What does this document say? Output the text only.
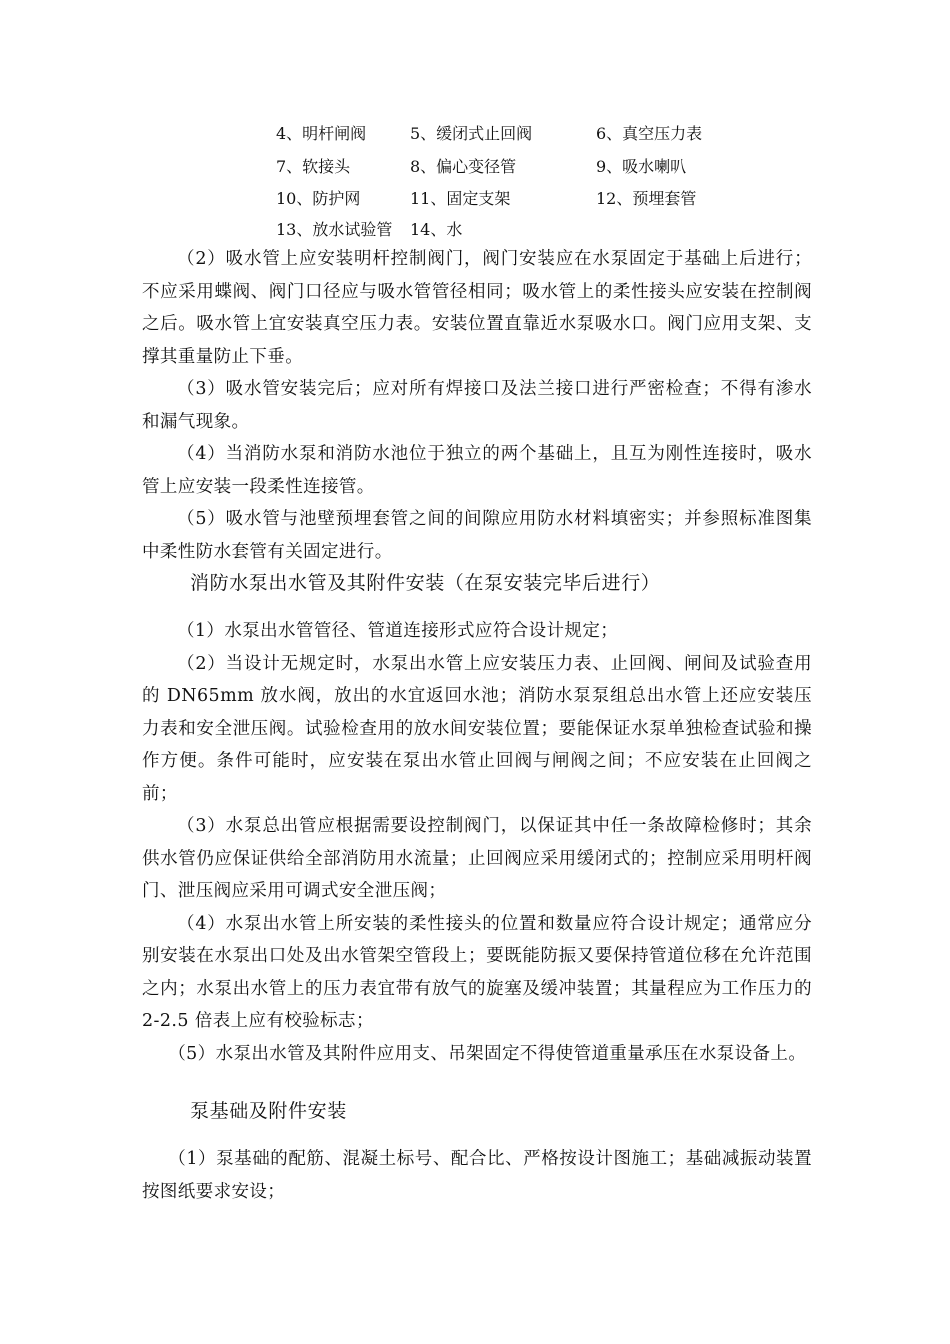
4、明杆闸阀	5、缓闭式止回阀	6、真空压力表
7、软接头	8、偏心变径管	9、吸水喇叭
10、防护网	11、固定支架	12、预埋套管
13、放水试验管 14、水

（2）吸水管上应安装明杆控制阀门，阀门安装应在水泵固定于基础上后进行；不应采用蝶阀、阀门口径应与吸水管管径相同；吸水管上的柔性接头应安装在控制阀之后。吸水管上宜安装真空压力表。安装位置直靠近水泵吸水口。阀门应用支架、支撑其重量防止下垂。

（3）吸水管安装完后；应对所有焊接口及法兰接口进行严密检查；不得有渗水和漏气现象。

（4）当消防水泵和消防水池位于独立的两个基础上，且互为刚性连接时，吸水管上应安装一段柔性连接管。

（5）吸水管与池壁预埋套管之间的间隙应用防水材料填密实；并参照标准图集中柔性防水套管有关固定进行。

消防水泵出水管及其附件安装（在泵安装完毕后进行）

（1）水泵出水管管径、管道连接形式应符合设计规定；

（2）当设计无规定时，水泵出水管上应安装压力表、止回阀、闸间及试验查用的 DN65mm 放水阀，放出的水宜返回水池；消防水泵泵组总出水管上还应安装压力表和安全泄压阀。试验检查用的放水间安装位置；要能保证水泵单独检查试验和操作方便。条件可能时，应安装在泵出水管止回阀与闸阀之间；不应安装在止回阀之前；

（3）水泵总出管应根据需要设控制阀门，以保证其中任一条故障检修时；其余供水管仍应保证供给全部消防用水流量；止回阀应采用缓闭式的；控制应采用明杆阀门、泄压阀应采用可调式安全泄压阀；

（4）水泵出水管上所安装的柔性接头的位置和数量应符合设计规定；通常应分别安装在水泵出口处及出水管架空管段上；要既能防振又要保持管道位移在允许范围之内；水泵出水管上的压力表宜带有放气的旋塞及缓冲装置；其量程应为工作压力的 2-2.5 倍表上应有校验标志；

（5）水泵出水管及其附件应用支、吊架固定不得使管道重量承压在水泵设备上。

泵基础及附件安装

（1）泵基础的配筋、混凝土标号、配合比、严格按设计图施工；基础减振动装置按图纸要求安设；
